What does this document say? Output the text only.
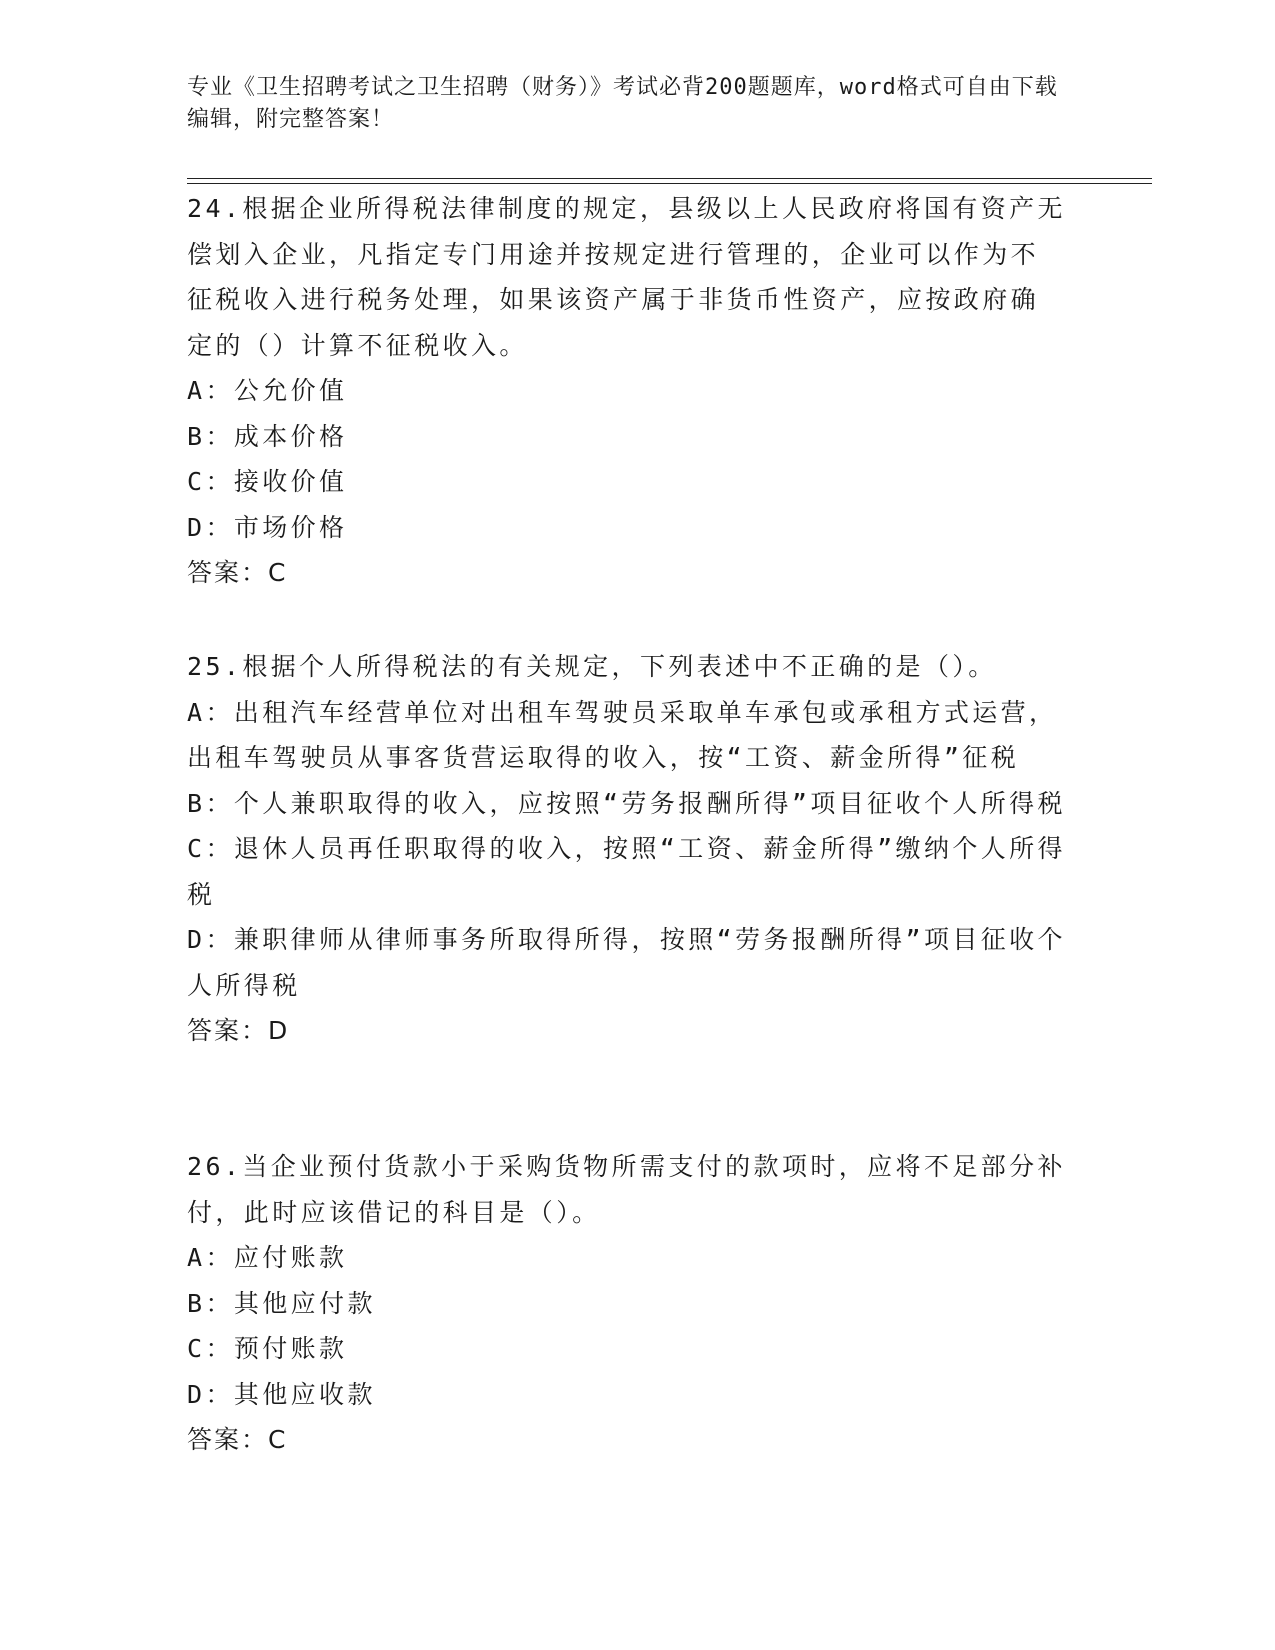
专业《卫生招聘考试之卫生招聘（财务）》考试必背200题题库，word格式可自由下载编辑，附完整答案！

24.根据企业所得税法律制度的规定，县级以上人民政府将国有资产无偿划入企业，凡指定专门用途并按规定进行管理的，企业可以作为不征税收入进行税务处理，如果该资产属于非货币性资产，应按政府确定的（）计算不征税收入。

A：公允价值

B：成本价格

C：接收价值

D：市场价格

答案：C

25.根据个人所得税法的有关规定，下列表述中不正确的是（）。

A：出租汽车经营单位对出租车驾驶员采取单车承包或承租方式运营，出租车驾驶员从事客货营运取得的收入，按“工资、薪金所得”征税

B：个人兼职取得的收入，应按照“劳务报酬所得”项目征收个人所得税

C：退休人员再任职取得的收入，按照“工资、薪金所得”缴纳个人所得税

D：兼职律师从律师事务所取得所得，按照“劳务报酬所得”项目征收个人所得税

答案：D

26.当企业预付货款小于采购货物所需支付的款项时，应将不足部分补付，此时应该借记的科目是（）。

A：应付账款

B：其他应付款

C：预付账款

D：其他应收款

答案：C
